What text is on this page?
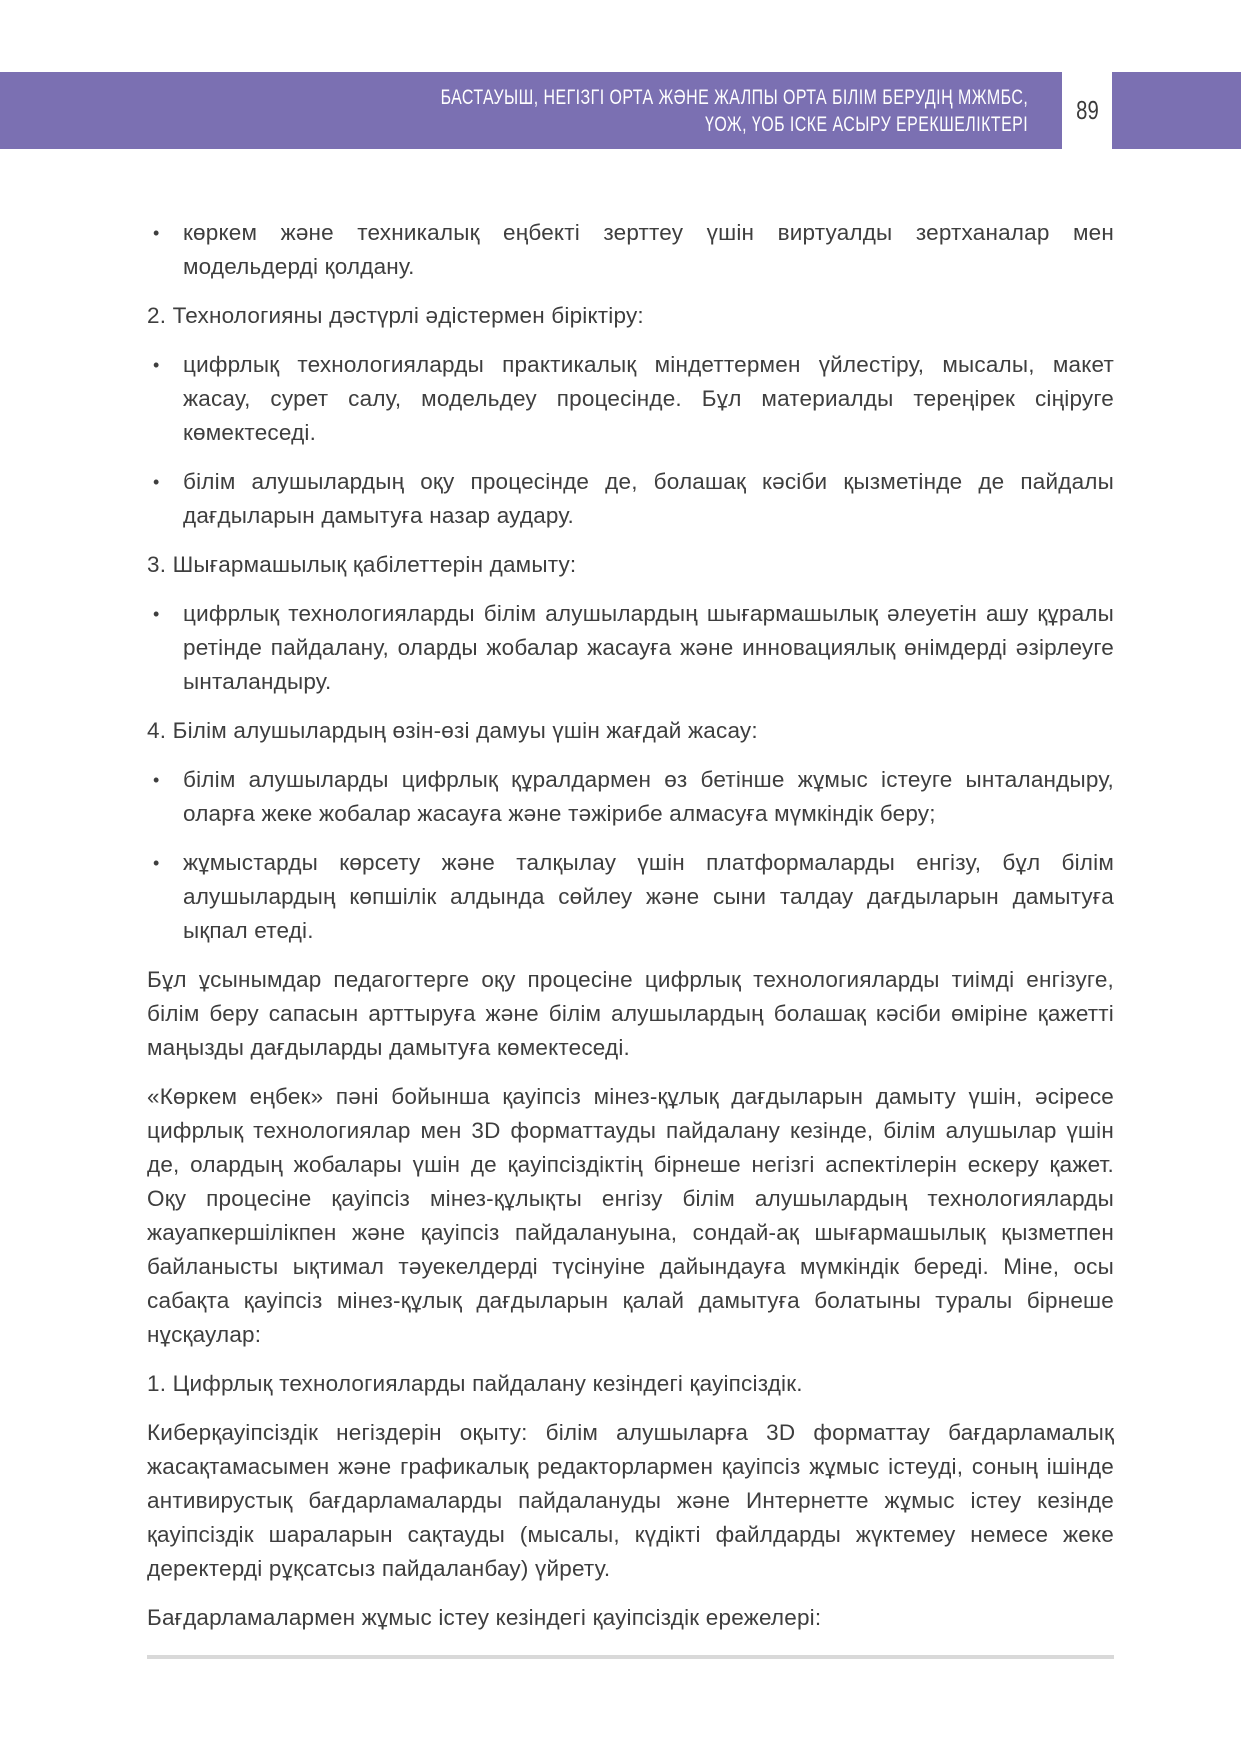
БАСТАУЫШ, НЕГІЗГІ ОРТА ЖӘНЕ ЖАЛПЫ ОРТА БІЛІМ БЕРУДІҢ МЖМБС,
ҮОЖ, ҮОБ ІСКЕ АСЫРУ ЕРЕКШЕЛІКТЕРІ 89
• көркем және техникалық еңбекті зерттеу үшін виртуалды зертханалар мен модельдерді қолдану.

2. Технологияны дәстүрлі әдістермен біріктіру:

• цифрлық технологияларды практикалық міндеттермен үйлестіру, мысалы, макет жасау, сурет салу, модельдеу процесінде. Бұл материалды тереңірек сіңіруге көмектеседі.
• білім алушылардың оқу процесінде де, болашақ кәсіби қызметінде де пайдалы дағдыларын дамытуға назар аудару.

3. Шығармашылық қабілеттерін дамыту:

• цифрлық технологияларды білім алушылардың шығармашылық әлеуетін ашу құралы ретінде пайдалану, оларды жобалар жасауға және инновациялық өнімдерді әзірлеуге ынталандыру.

4. Білім алушылардың өзін-өзі дамуы үшін жағдай жасау:

• білім алушыларды цифрлық құралдармен өз бетінше жұмыс істеуге ынталандыру, оларға жеке жобалар жасауға және тәжірибе алмасуға мүмкіндік беру;
• жұмыстарды көрсету және талқылау үшін платформаларды енгізу, бұл білім алушылардың көпшілік алдында сөйлеу және сыни талдау дағдыларын дамытуға ықпал етеді.

Бұл ұсынымдар педагогтерге оқу процесіне цифрлық технологияларды тиімді енгізуге, білім беру сапасын арттыруға және білім алушылардың болашақ кәсіби өміріне қажетті маңызды дағдыларды дамытуға көмектеседі.

«Көркем еңбек» пәні бойынша қауіпсіз мінез-құлық дағдыларын дамыту үшін, әсіресе цифрлық технологиялар мен 3D форматтауды пайдалану кезінде, білім алушылар үшін де, олардың жобалары үшін де қауіпсіздіктің бірнеше негізгі аспектілерін ескеру қажет. Оқу процесіне қауіпсіз мінез-құлықты енгізу білім алушылардың технологияларды жауапкершілікпен және қауіпсіз пайдалануына, сондай-ақ шығармашылық қызметпен байланысты ықтимал тәуекелдерді түсінуіне дайындауға мүмкіндік береді. Міне, осы сабақта қауіпсіз мінез-құлық дағдыларын қалай дамытуға болатыны туралы бірнеше нұсқаулар:

1. Цифрлық технологияларды пайдалану кезіндегі қауіпсіздік.

Киберқауіпсіздік негіздерін оқыту: білім алушыларға 3D форматтау бағдарламалық жасақтамасымен және графикалық редакторлармен қауіпсіз жұмыс істеуді, соның ішінде антивирустық бағдарламаларды пайдалануды және Интернетте жұмыс істеу кезінде қауіпсіздік шараларын сақтауды (мысалы, күдікті файлдарды жүктемеу немесе жеке деректерді рұқсатсыз пайдаланбау) үйрету.

Бағдарламалармен жұмыс істеу кезіндегі қауіпсіздік ережелері:
